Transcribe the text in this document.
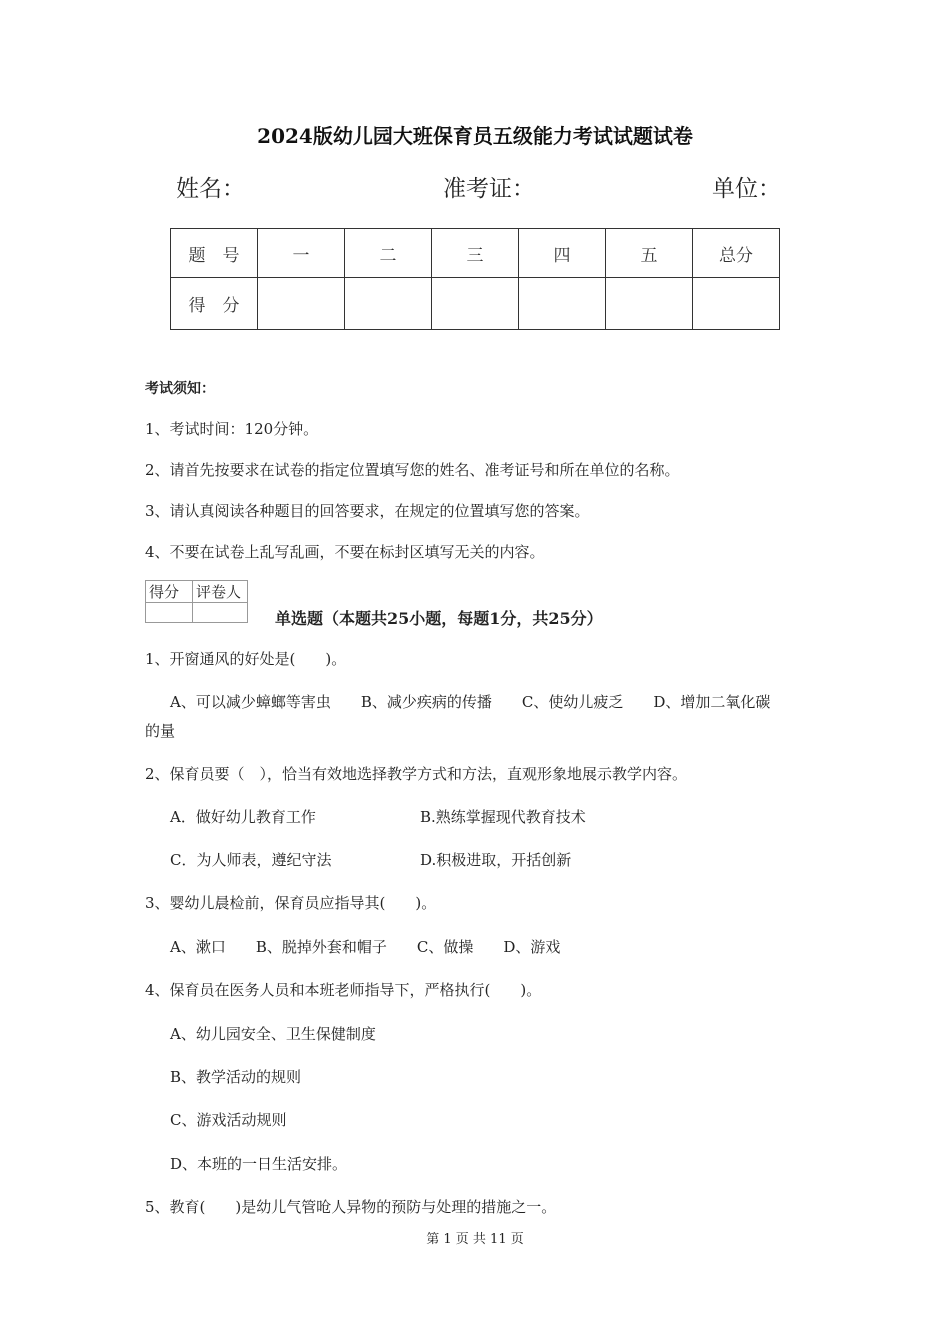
2024版幼儿园大班保育员五级能力考试试题试卷
姓名：	准考证：	单位：
题　号	一	二	三	四	五	总分
得　分						
考试须知：
1、考试时间：120分钟。
2、请首先按要求在试卷的指定位置填写您的姓名、准考证号和所在单位的名称。
3、请认真阅读各种题目的回答要求，在规定的位置填写您的答案。
4、不要在试卷上乱写乱画，不要在标封区填写无关的内容。
得分	评卷人

单选题（本题共25小题，每题1分，共25分）
1、开窗通风的好处是(　　)。
A、可以减少蟑螂等害虫　　B、减少疾病的传播　　C、使幼儿疲乏　　D、增加二氧化碳
的量
2、保育员要（　），恰当有效地选择教学方式和方法，直观形象地展示教学内容。
A．做好幼儿教育工作	B.熟练掌握现代教育技术
C．为人师表，遵纪守法	D.积极进取，开括创新
3、婴幼儿晨检前，保育员应指导其(　　)。
A、漱口　　B、脱掉外套和帽子　　C、做操　　D、游戏
4、保育员在医务人员和本班老师指导下，严格执行(　　)。
A、幼儿园安全、卫生保健制度
B、教学活动的规则
C、游戏活动规则
D、本班的一日生活安排。
5、教育(　　)是幼儿气管呛人异物的预防与处理的措施之一。
第 1 页 共 11 页
